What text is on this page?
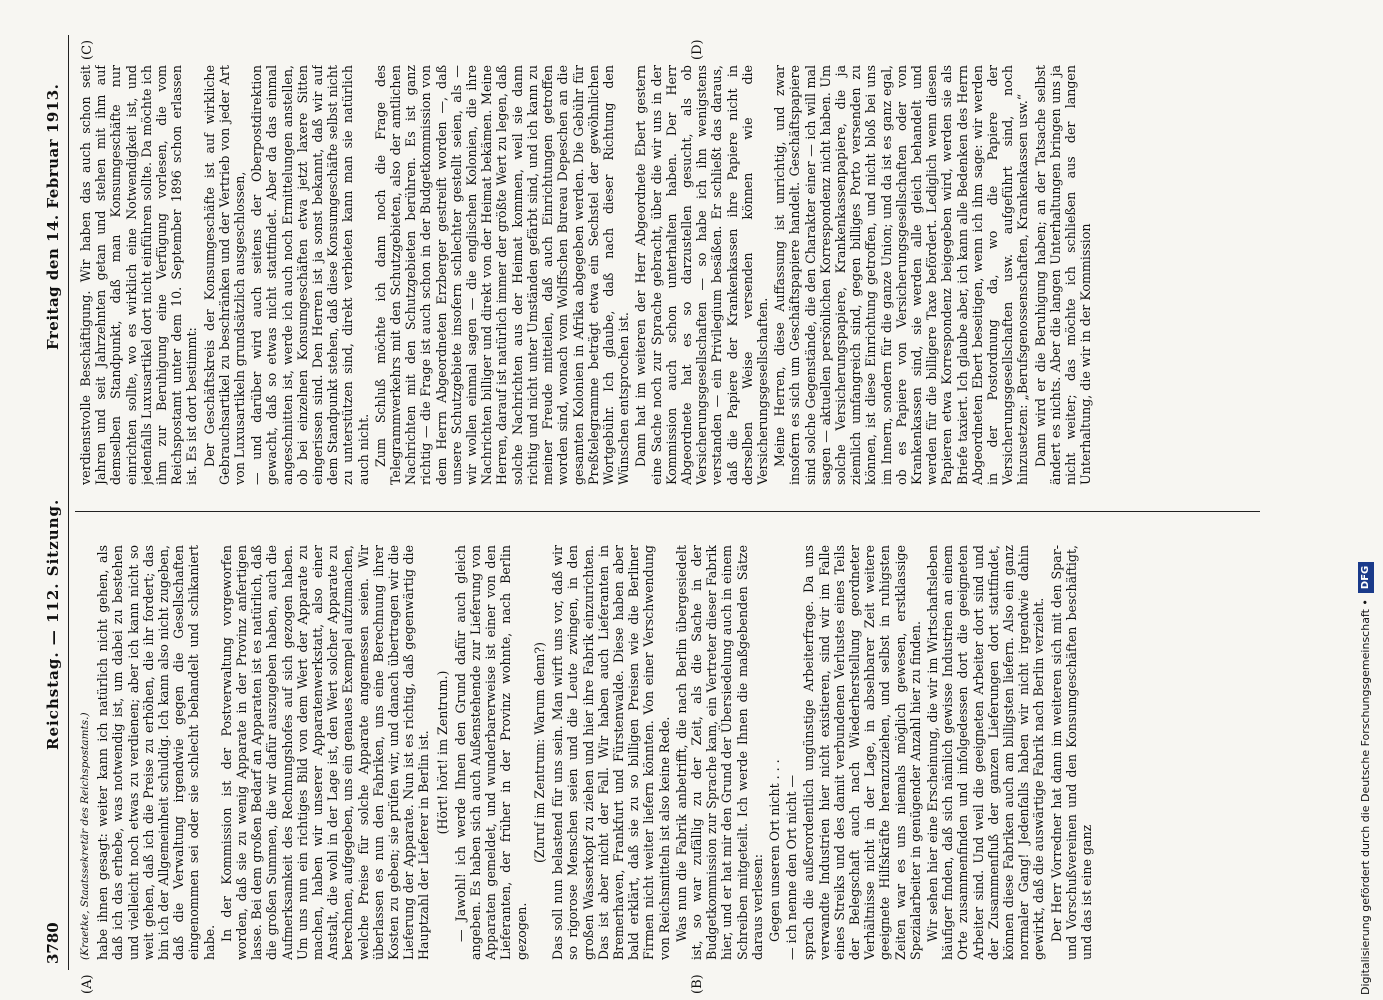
3780
Reichstag. — 112. Sitzung.
Freitag den 14. Februar 1913.
(A)	(B)
(C)	(D)
(Kraetke, Staatssekretär des Reichspostamts.) habe ihnen gesagt: weiter kann ich natürlich nicht gehen, als daß ich das erhebe, was notwendig ist, um dabei zu bestehen und vielleicht noch etwas zu verdienen; aber ich kann nicht so weit gehen, daß ich die Preise zu erhöhen, die ihr fordert; das bin ich der Allgemeinheit schuldig. Ich kann also nicht zugeben, daß die Verwaltung irgendwie gegen die Gesellschaften eingenommen sei oder sie schlecht behandelt und schikaniert habe.

In der Kommission ist der Postverwaltung vorgeworfen worden, daß sie zu wenig Apparate in der Provinz anfertigen lasse. Bei dem großen Bedarf an Apparaten ist es natürlich, daß die großen Summen, die wir dafür auszugeben haben, auch die Aufmerksamkeit des Rechnungshofes auf sich gezogen haben. Um uns nun ein richtiges Bild von dem Wert der Apparate zu machen, haben wir unserer Apparatenwerkstatt, also einer Anstalt, die wohl in der Lage ist, den Wert solcher Apparate zu berechnen, aufgegeben, uns ein genaues Exempel aufzumachen, welche Preise für solche Apparate angemessen seien. Wir überlassen es nun den Fabriken, uns eine Berechnung ihrer Kosten zu geben; sie prüfen wir, und danach übertragen wir die Lieferung der Apparate. Nun ist es richtig, daß gegenwärtig die Hauptzahl der Lieferer in Berlin ist. (Hört! hört! im Zentrum.) — Jawohl! ich werde Ihnen den Grund dafür auch gleich angeben. Es haben sich auch Außenstehende zur Lieferung von Apparaten gemeldet, und wunderbarerweise ist einer von den Lieferanten, der früher in der Provinz wohnte, nach Berlin gezogen.

(Zuruf im Zentrum: Warum denn?) Das soll nun belastend für uns sein. Man wirft uns vor, daß wir so rigorose Menschen seien und die Leute zwingen, in den großen Wasserkopf zu ziehen und hier ihre Fabrik einzurichten. Das ist aber nicht der Fall. Wir haben auch Lieferanten in Bremerhaven, Frankfurt und Fürstenwalde. Diese haben aber bald erklärt, daß sie zu so billigen Preisen wie die Berliner Firmen nicht weiter liefern könnten. Von einer Verschwendung von Reichsmitteln ist also keine Rede. Was nun die Fabrik anbetrifft, die nach Berlin übergesiedelt ist, so war zufällig zu der Zeit, als die Sache in der Budgetkommission zur Sprache kam, ein Vertreter dieser Fabrik hier, und er hat mir den Grund der Übersiedelung auch in einem Schreiben mitgeteilt. Ich werde Ihnen die maßgebenden Sätze daraus verlesen: Gegen unseren Ort nicht . . . — ich nenne den Ort nicht — sprach die außerordentlich ungünstige Arbeiterfrage. Da uns verwandte Industrien hier nicht existieren, sind wir im Falle eines Streiks und des damit verbundenen Verlustes eines Teils der Belegschaft auch nach Wiederherstellung geordneter Verhältnisse nicht in der Lage, in absehbarer Zeit weitere geeignete Hilfskräfte heranzuziehen, und selbst in ruhigsten Zeiten war es uns niemals möglich gewesen, erstklassige Spezialarbeiter in genügender Anzahl hier zu finden. Wir sehen hier eine Erscheinung, die wir im Wirtschaftsleben häufiger finden, daß sich nämlich gewisse Industrien an einem Orte zusammenfinden und infolgedessen dort die geeigneten Arbeiter sind. Und weil die geeigneten Arbeiter dort sind und der Zusammenfluß der ganzen Lieferungen dort stattfindet, können diese Fabriken auch am billigsten liefern. Also ein ganz normaler Gang! Jedenfalls haben wir nicht irgendwie dahin gewirkt, daß die auswärtige Fabrik nach Berlin verzieht. Der Herr Vorredner hat dann im weiteren sich mit den Spar- und Vorschußvereinen und den Konsumgeschäften beschäftigt, und das ist eine ganz

verdienstvolle Beschäftigung. Wir haben das auch schon seit Jahren und seit Jahrzehnten getan und stehen mit ihm auf demselben Standpunkt, daß man Konsumgeschäfte nur einrichten sollte, wo es wirklich eine Notwendigkeit ist, und jedenfalls Luxusartikel dort nicht einführen sollte. Da möchte ich ihm zur Beruhigung eine Verfügung vorlesen, die vom Reichspostamt unter dem 10. September 1896 schon erlassen ist. Es ist dort bestimmt: Der Geschäftskreis der Konsumgeschäfte ist auf wirkliche Gebrauchsartikel zu beschränken und der Vertrieb von jeder Art von Luxusartikeln grundsätzlich ausgeschlossen, — und darüber wird auch seitens der Oberpostdirektion gewacht, daß so etwas nicht stattfindet. Aber da das einmal angeschnitten ist, werde ich auch noch Ermittelungen anstellen, ob bei einzelnen Konsumgeschäften etwa jetzt laxere Sitten eingerissen sind. Den Herren ist ja sonst bekannt, daß wir auf dem Standpunkt stehen, daß diese Konsumgeschäfte selbst nicht zu unterstützen sind, direkt verbieten kann man sie natürlich auch nicht. Zum Schluß möchte ich dann noch die Frage des Telegrammverkehrs mit den Schutzgebieten, also der amtlichen Nachrichten mit den Schutzgebieten berühren. Es ist ganz richtig — die Frage ist auch schon in der Budgetkommission von dem Herrn Abgeordneten Erzberger gestreift worden —, daß unsere Schutzgebiete insofern schlechter gestellt seien, als — wir wollen einmal sagen — die englischen Kolonien, die ihre Nachrichten billiger und direkt von der Heimat bekämen. Meine Herren, darauf ist natürlich immer der größte Wert zu legen, daß solche Nachrichten aus der Heimat kommen, weil sie dann richtig und nicht unter Umständen gefärbt sind, und ich kann zu meiner Freude mitteilen, daß auch Einrichtungen getroffen worden sind, wonach vom Wolffschen Bureau Depeschen an die gesamten Kolonien in Afrika abgegeben werden. Die Gebühr für Preßtelegramme beträgt etwa ein Sechstel der gewöhnlichen Wortgebühr. Ich glaube, daß nach dieser Richtung den Wünschen entsprochen ist. Dann hat im weiteren der Herr Abgeordnete Ebert gestern eine Sache noch zur Sprache gebracht, über die wir uns in der Kommission auch schon unterhalten haben. Der Herr Abgeordnete hat es so darzustellen gesucht, als ob Versicherungsgesellschaften — so habe ich ihn wenigstens verstanden — ein Privilegium besäßen. Er schließt das daraus, daß die Papiere der Krankenkassen ihre Papiere nicht in derselben Weise versenden können wie die Versicherungsgesellschaften. Meine Herren, diese Auffassung ist unrichtig, und zwar insofern es sich um Geschäftspapiere handelt. Geschäftspapiere sind solche Gegenstände, die den Charakter einer — ich will mal sagen — aktuellen persönlichen Korrespondenz nicht haben. Um solche Versicherungspapiere, Krankenkassenpapiere, die ja ziemlich umfangreich sind, gegen billiges Porto versenden zu können, ist diese Einrichtung getroffen, und nicht bloß bei uns im Innern, sondern für die ganze Union; und da ist es ganz egal, ob es Papiere von Versicherungsgesellschaften oder von Krankenkassen sind, sie werden alle gleich behandelt und werden für die billigere Taxe befördert. Lediglich wenn diesen Papieren etwa Korrespondenz beigegeben wird, werden sie als Briefe taxiert. Ich glaube aber, ich kann alle Bedenken des Herrn Abgeordneten Ebert beseitigen, wenn ich ihm sage: wir werden in der Postordnung da, wo die Papiere der Versicherungsgesellschaften usw. aufgeführt sind, noch hinzusetzen: „Berufsgenossenschaften, Krankenkassen usw.“ Dann wird er die Beruhigung haben; an der Tatsache selbst ändert es nichts. Aber die langen Unterhaltungen bringen uns ja nicht weiter; das möchte ich schließen aus der langen Unterhaltung, die wir in der Kommission

Digitalisierung gefördert durch die Deutsche Forschungsgemeinschaft •DFG
